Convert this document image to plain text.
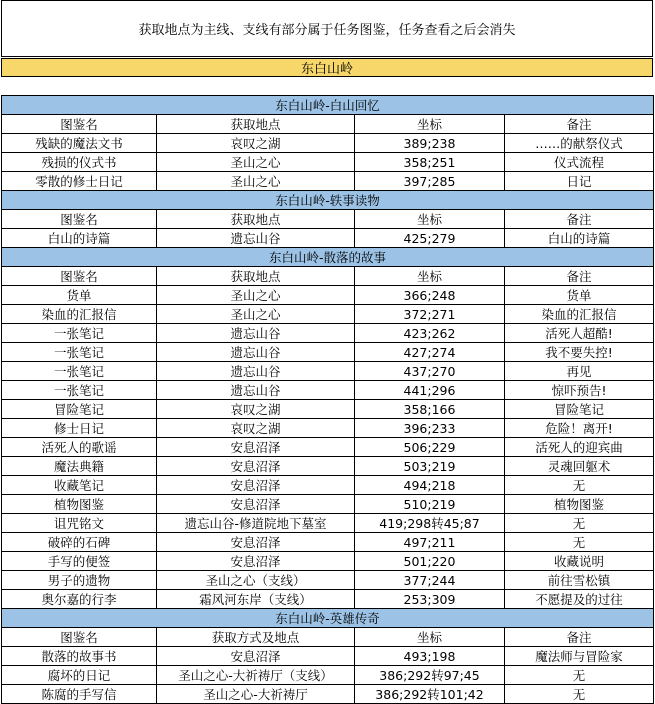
获取地点为主线、支线有部分属于任务图鉴，任务查看之后会消失
东白山岭
东白山岭-白山回忆			
图鉴名	获取地点	坐标	备注
残缺的魔法文书	哀叹之湖	389;238	……的献祭仪式
残损的仪式书	圣山之心	358;251	仪式流程
零散的修士日记	圣山之心	397;285	日记
东白山岭-轶事读物			
图鉴名	获取地点	坐标	备注
白山的诗篇	遗忘山谷	425;279	白山的诗篇
东白山岭-散落的故事			
图鉴名	获取地点	坐标	备注
货单	圣山之心	366;248	货单
染血的汇报信	圣山之心	372;271	染血的汇报信
一张笔记	遗忘山谷	423;262	活死人超酷!
一张笔记	遗忘山谷	427;274	我不要失控!
一张笔记	遗忘山谷	437;270	再见
一张笔记	遗忘山谷	441;296	惊吓预告!
冒险笔记	哀叹之湖	358;166	冒险笔记
修士日记	哀叹之湖	396;233	危险！离开!
活死人的歌谣	安息沼泽	506;229	活死人的迎宾曲
魔法典籍	安息沼泽	503;219	灵魂回躯术
收藏笔记	安息沼泽	494;218	无
植物图鉴	安息沼泽	510;219	植物图鉴
诅咒铭文	遗忘山谷-修道院地下墓室	419;298转45;87	无
破碎的石碑	安息沼泽	497;211	无
手写的便签	安息沼泽	501;220	收藏说明
男子的遗物	圣山之心（支线）	377;244	前往雪松镇
奥尔嘉的行李	霜风河东岸（支线）	253;309	不愿提及的过往
东白山岭-英雄传奇			
图鉴名	获取方式及地点	坐标	备注
散落的故事书	安息沼泽	493;198	魔法师与冒险家
腐坏的日记	圣山之心-大祈祷厅（支线）	386;292转97;45	无
陈腐的手写信	圣山之心-大祈祷厅	386;292转101;42	无
